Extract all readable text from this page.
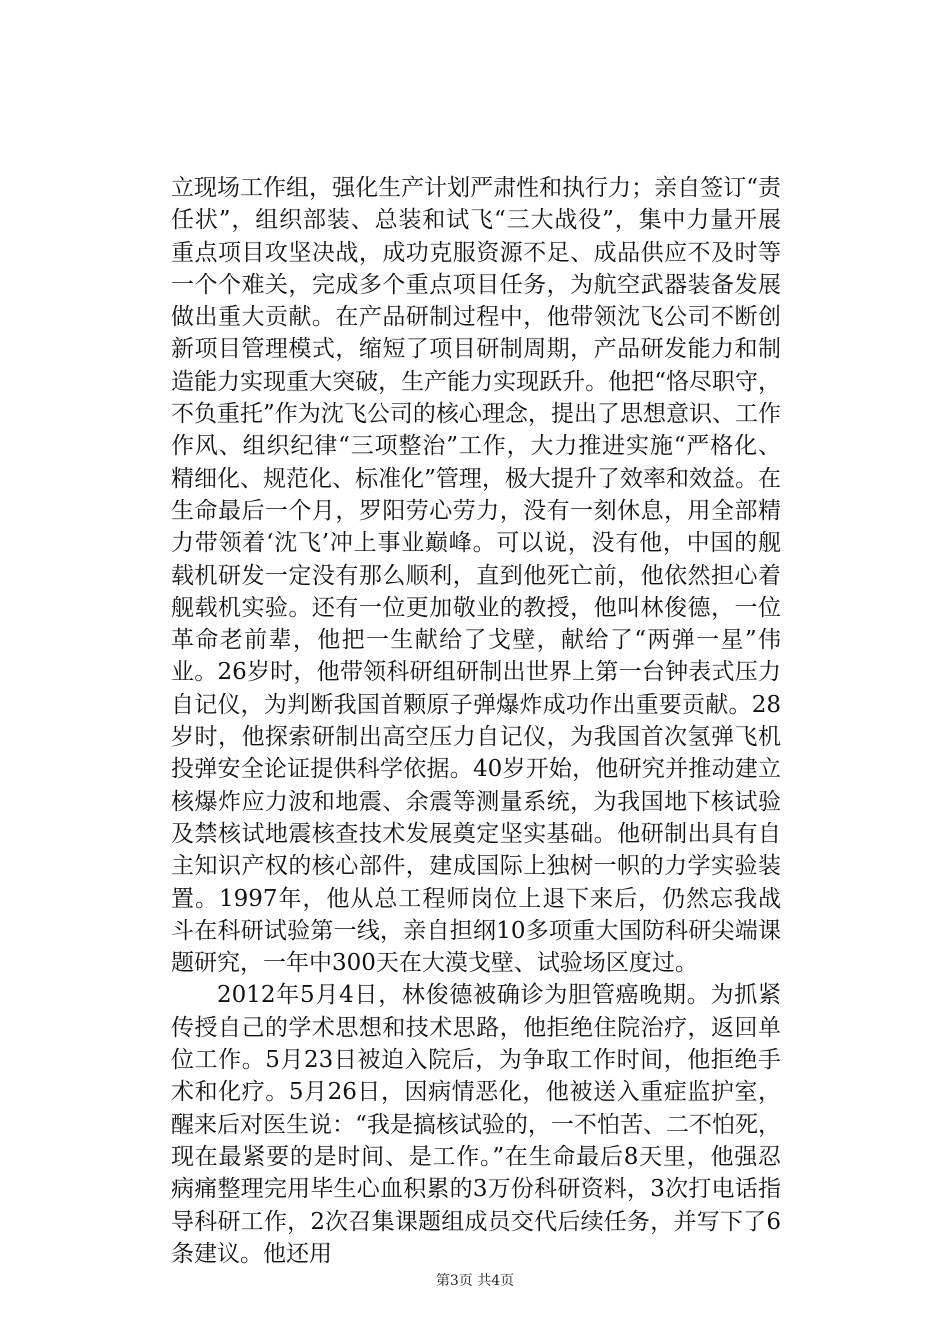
立现场工作组，强化生产计划严肃性和执行力；亲自签订“责任状”，组织部装、总装和试飞“三大战役”，集中力量开展重点项目攻坚决战，成功克服资源不足、成品供应不及时等一个个难关，完成多个重点项目任务，为航空武器装备发展做出重大贡献。在产品研制过程中，他带领沈飞公司不断创新项目管理模式，缩短了项目研制周期，产品研发能力和制造能力实现重大突破，生产能力实现跃升。他把“恪尽职守，不负重托”作为沈飞公司的核心理念，提出了思想意识、工作作风、组织纪律“三项整治”工作，大力推进实施“严格化、精细化、规范化、标准化”管理，极大提升了效率和效益。在生命最后一个月，罗阳劳心劳力，没有一刻休息，用全部精力带领着‘沈飞’冲上事业巅峰。可以说，没有他，中国的舰载机研发一定没有那么顺利，直到他死亡前，他依然担心着舰载机实验。还有一位更加敬业的教授，他叫林俊德，一位革命老前辈，他把一生献给了戈壁，献给了“两弹一星”伟业。26岁时，他带领科研组研制出世界上第一台钟表式压力自记仪，为判断我国首颗原子弹爆炸成功作出重要贡献。28岁时，他探索研制出高空压力自记仪，为我国首次氢弹飞机投弹安全论证提供科学依据。40岁开始，他研究并推动建立核爆炸应力波和地震、余震等测量系统，为我国地下核试验及禁核试地震核查技术发展奠定坚实基础。他研制出具有自主知识产权的核心部件，建成国际上独树一帜的力学实验装置。1997年，他从总工程师岗位上退下来后，仍然忘我战斗在科研试验第一线，亲自担纲10多项重大国防科研尖端课题研究，一年中300天在大漠戈壁、试验场区度过。

2012年5月4日，林俊德被确诊为胆管癌晚期。为抓紧传授自己的学术思想和技术思路，他拒绝住院治疗，返回单位工作。5月23日被迫入院后，为争取工作时间，他拒绝手术和化疗。5月26日，因病情恶化，他被送入重症监护室，醒来后对医生说：“我是搞核试验的，一不怕苦、二不怕死，现在最紧要的是时间、是工作。”在生命最后8天里，他强忍病痛整理完用毕生心血积累的3万份科研资料，3次打电话指导科研工作，2次召集课题组成员交代后续任务，并写下了6条建议。他还用

第3页 共4页
